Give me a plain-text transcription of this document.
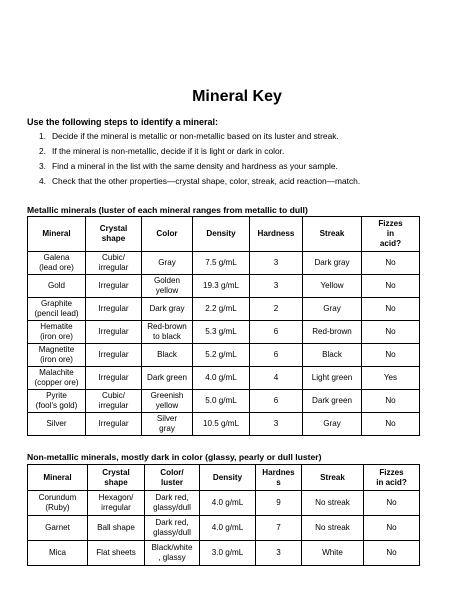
Mineral Key
Use the following steps to identify a mineral:
1. Decide if the mineral is metallic or non-metallic based on its luster and streak.
2. If the mineral is non-metallic, decide if it is light or dark in color.
3. Find a mineral in the list with the same density and hardness as your sample.
4. Check that the other properties—crystal shape, color, streak, acid reaction—match.
Metallic minerals (luster of each mineral ranges from metallic to dull)
Mineral	Crystal
shape	Color	Density	Hardness	Streak	Fizzes
in
acid?
Galena
(lead ore)	Cubic/
irregular	Gray	7.5 g/mL	3	Dark gray	No
Gold	Irregular	Golden
yellow	19.3 g/mL	3	Yellow	No
Graphite
(pencil lead)	Irregular	Dark gray	2.2 g/mL	2	Gray	No
Hematite
(iron ore)	Irregular	Red-brown
to black	5.3 g/mL	6	Red-brown	No
Magnetite
(iron ore)	Irregular	Black	5.2 g/mL	6	Black	No
Malachite
(copper ore)	Irregular	Dark green	4.0 g/mL	4	Light green	Yes
Pyrite
(fool’s gold)	Cubic/
irregular	Greenish
yellow	5.0 g/mL	6	Dark green	No
Silver	Irregular	Silver
gray	10.5 g/mL	3	Gray	No
Non-metallic minerals, mostly dark in color (glassy, pearly or dull luster)
Mineral	Crystal
shape	Color/
luster	Density	Hardnes
s	Streak	Fizzes
in acid?
Corundum
(Ruby)	Hexagon/
irregular	Dark red,
glassy/dull	4.0 g/mL	9	No streak	No
Garnet	Ball shape	Dark red,
glassy/dull	4.0 g/mL	7	No streak	No
Mica	Flat sheets	Black/white
, glassy	3.0 g/mL	3	White	No
